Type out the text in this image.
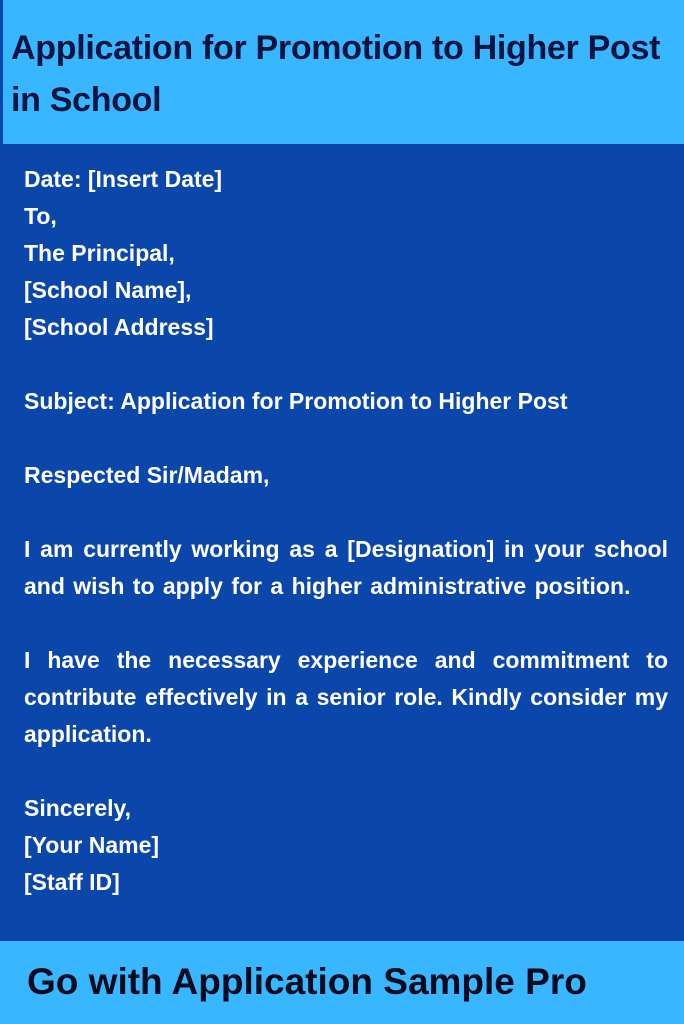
Application for Promotion to Higher Post in School
Date: [Insert Date]
To,
The Principal,
[School Name],
[School Address]
Subject: Application for Promotion to Higher Post
Respected Sir/Madam,
I am currently working as a [Designation] in your school and wish to apply for a higher administrative position.
I have the necessary experience and commitment to contribute effectively in a senior role. Kindly consider my application.
Sincerely,
[Your Name]
[Staff ID]

Go with Application Sample Pro
